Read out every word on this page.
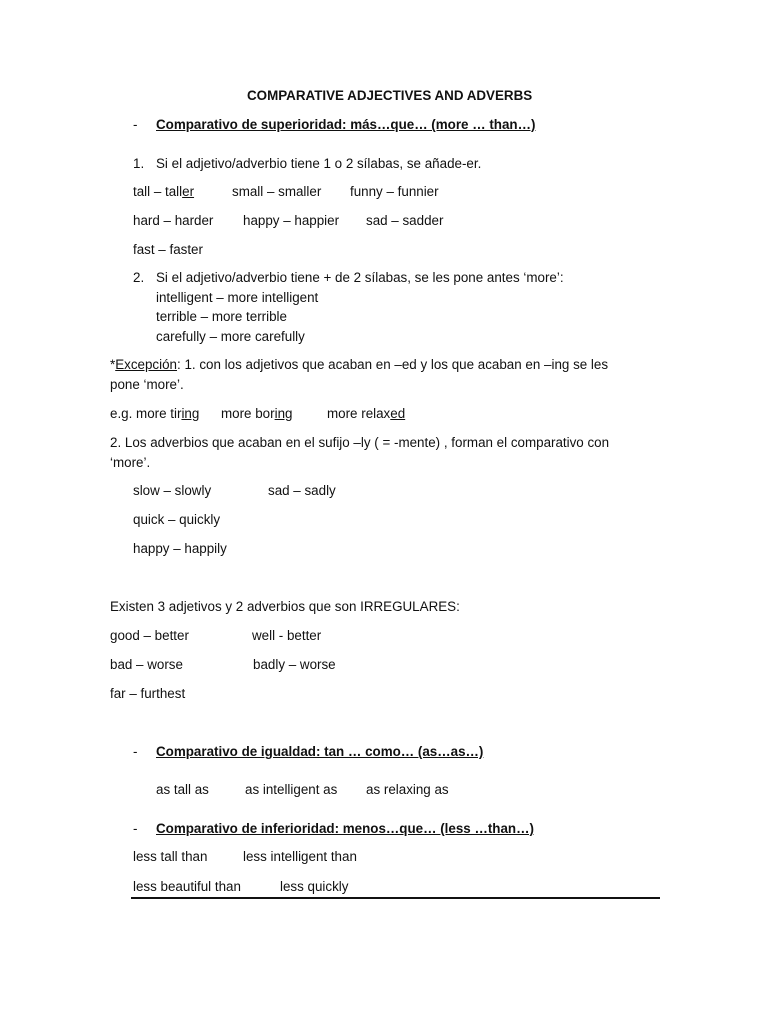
COMPARATIVE ADJECTIVES AND ADVERBS
- Comparativo de superioridad: más…que… (more … than…)
1. Si el adjetivo/adverbio tiene 1 o 2 sílabas, se añade-er.
tall – taller	small – smaller funny – funnier
hard – harder happy – happier sad – sadder
fast – faster
2. Si el adjetivo/adverbio tiene + de 2 sílabas, se les pone antes ‘more’:
intelligent – more intelligent
terrible – more terrible
carefully – more carefully
*Excepción: 1. con los adjetivos que acaban en –ed y los que acaban en –ing se les
pone ‘more’.
e.g. more tiring more boring	more relaxed
2. Los adverbios que acaban en el sufijo –ly ( = -mente) , forman el comparativo con
‘more’.
slow – slowly	sad – sadly
quick – quickly
happy – happily
Existen 3 adjetivos y 2 adverbios que son IRREGULARES:
good – better	well - better
bad – worse	badly – worse
far – furthest
- Comparativo de igualdad: tan … como… (as…as…)
as tall as	as intelligent as as relaxing as
- Comparativo de inferioridad: menos…que… (less …than…)
less tall than	less intelligent than
less beautiful than	less quickly
